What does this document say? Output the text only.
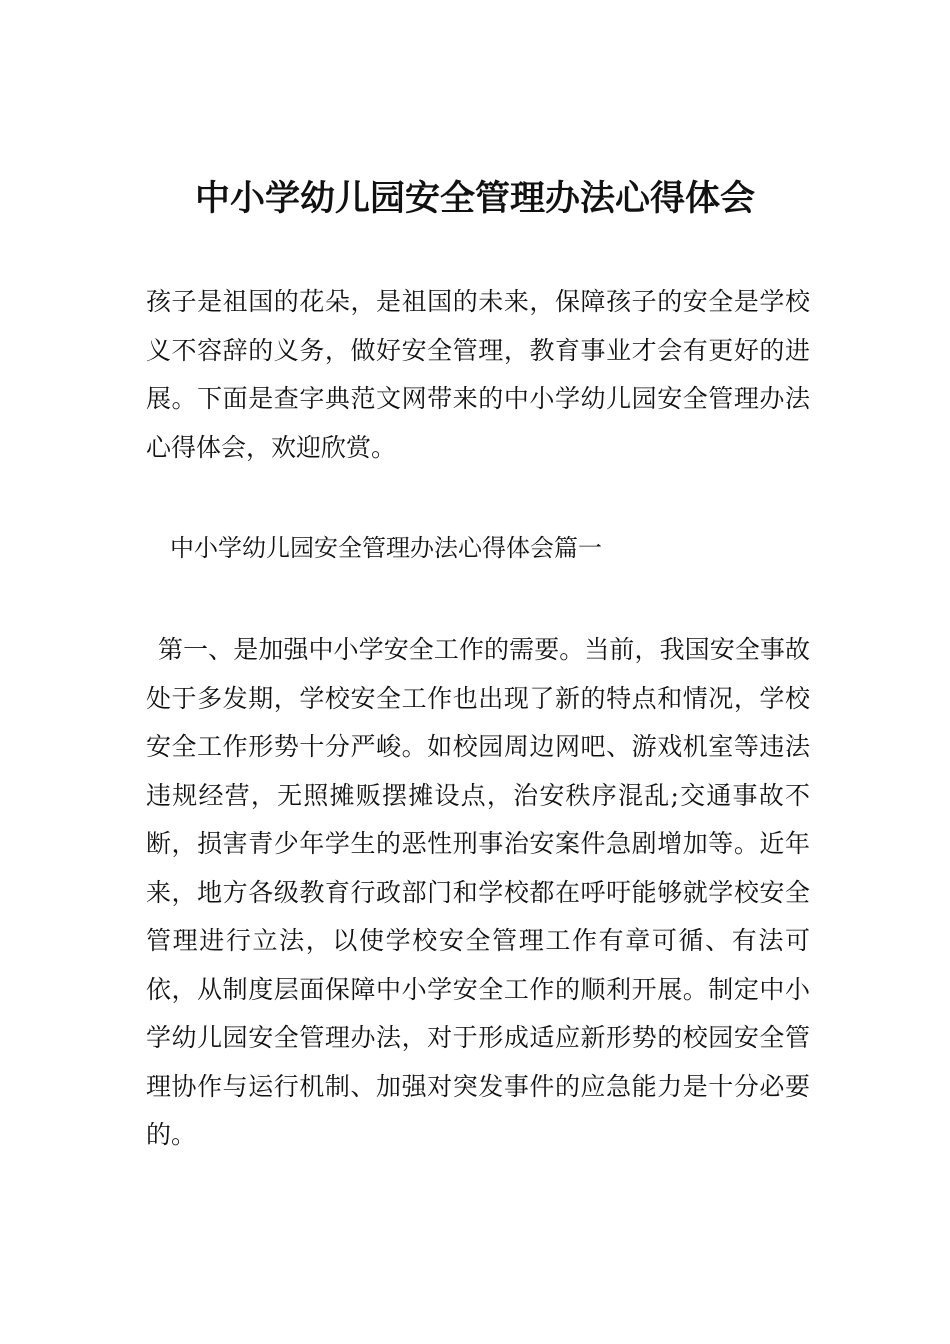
中小学幼儿园安全管理办法心得体会

孩子是祖国的花朵，是祖国的未来，保障孩子的安全是学校义不容辞的义务，做好安全管理，教育事业才会有更好的进展。下面是查字典范文网带来的中小学幼儿园安全管理办法心得体会，欢迎欣赏。

中小学幼儿园安全管理办法心得体会篇一

第一、是加强中小学安全工作的需要。当前，我国安全事故处于多发期，学校安全工作也出现了新的特点和情况，学校安全工作形势十分严峻。如校园周边网吧、游戏机室等违法违规经营，无照摊贩摆摊设点，治安秩序混乱;交通事故不断，损害青少年学生的恶性刑事治安案件急剧增加等。近年来，地方各级教育行政部门和学校都在呼吁能够就学校安全管理进行立法，以使学校安全管理工作有章可循、有法可依，从制度层面保障中小学安全工作的顺利开展。制定中小学幼儿园安全管理办法，对于形成适应新形势的校园安全管理协作与运行机制、加强对突发事件的应急能力是十分必要的。
